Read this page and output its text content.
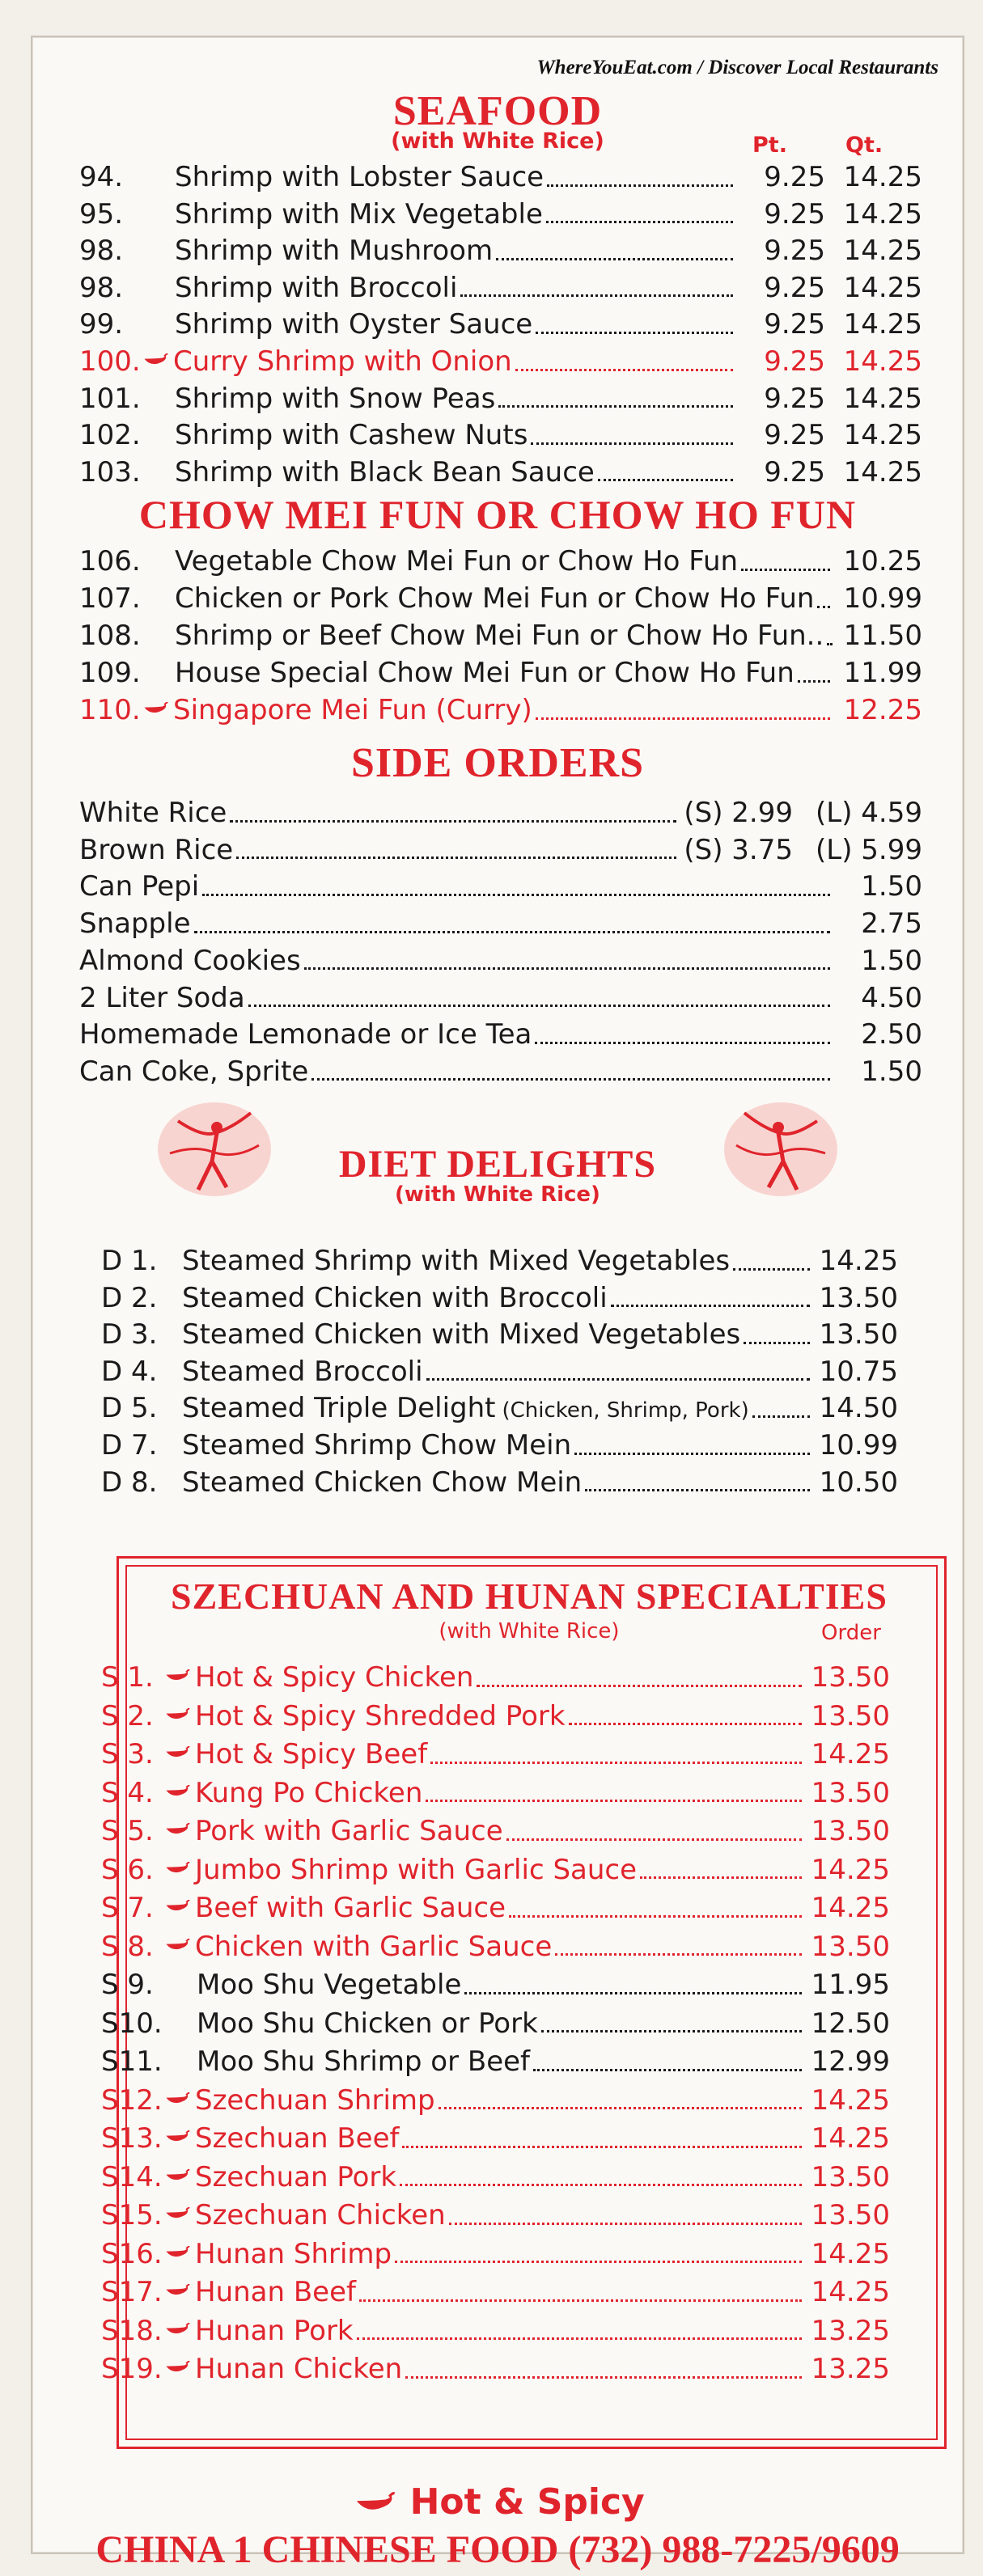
WhereYouEat.com / Discover Local Restaurants
SEAFOOD
(with White Rice)	Pt.	Qt.
94.	Shrimp with Lobster Sauce	9.25 14.25
95.	Shrimp with Mix Vegetable	9.25 14.25
98.	Shrimp with Mushroom	9.25 14.25
98.	Shrimp with Broccoli	9.25 14.25
99.	Shrimp with Oyster Sauce	9.25 14.25
100.	Curry Shrimp with Onion	9.25 14.25
101.	Shrimp with Snow Peas	9.25 14.25
102.	Shrimp with Cashew Nuts	9.25 14.25
103.	Shrimp with Black Bean Sauce	9.25 14.25
CHOW MEI FUN OR CHOW HO FUN
106.	Vegetable Chow Mei Fun or Chow Ho Fun	10.25
107.	Chicken or Pork Chow Mei Fun or Chow Ho Fun	10.99
108.	Shrimp or Beef Chow Mei Fun or Chow Ho Fun.. 11.50
109.	House Special Chow Mei Fun or Chow Ho Fun	11.99
110.	Singapore Mei Fun (Curry)	12.25
SIDE ORDERS
White Rice	(S) 2.99 (L) 4.59
Brown Rice	(S) 3.75 (L) 5.99
Can Pepi	1.50
Snapple	2.75
Almond Cookies	1.50
2 Liter Soda	4.50
Homemade Lemonade or Ice Tea	2.50
Can Coke, Sprite	1.50
DIET DELIGHTS
(with White Rice)
D 1. Steamed Shrimp with Mixed Vegetables	14.25
D 2. Steamed Chicken with Broccoli	13.50
D 3. Steamed Chicken with Mixed Vegetables	13.50
D 4. Steamed Broccoli	10.75
D 5. Steamed Triple Delight (Chicken, Shrimp, Pork)	14.50
D 7. Steamed Shrimp Chow Mein	10.99
D 8. Steamed Chicken Chow Mein	10.50
SZECHUAN AND HUNAN SPECIALTIES
(with White Rice)	Order
S 1.	Hot & Spicy Chicken	13.50
S 2.	Hot & Spicy Shredded Pork	13.50
S 3.	Hot & Spicy Beef	14.25
S 4.	Kung Po Chicken	13.50
S 5.	Pork with Garlic Sauce	13.50
S 6.	Jumbo Shrimp with Garlic Sauce	14.25
S 7.	Beef with Garlic Sauce	14.25
S 8.	Chicken with Garlic Sauce	13.50
S 9.	Moo Shu Vegetable	11.95
S10.	Moo Shu Chicken or Pork	12.50
S11.	Moo Shu Shrimp or Beef	12.99
S12.	Szechuan Shrimp	14.25
S13.	Szechuan Beef	14.25
S14.	Szechuan Pork	13.50
S15.	Szechuan Chicken	13.50
S16.	Hunan Shrimp	14.25
S17.	Hunan Beef	14.25
S18.	Hunan Pork	13.25
S19.	Hunan Chicken	13.25
Hot & Spicy
CHINA 1 CHINESE FOOD (732) 988-7225/9609
